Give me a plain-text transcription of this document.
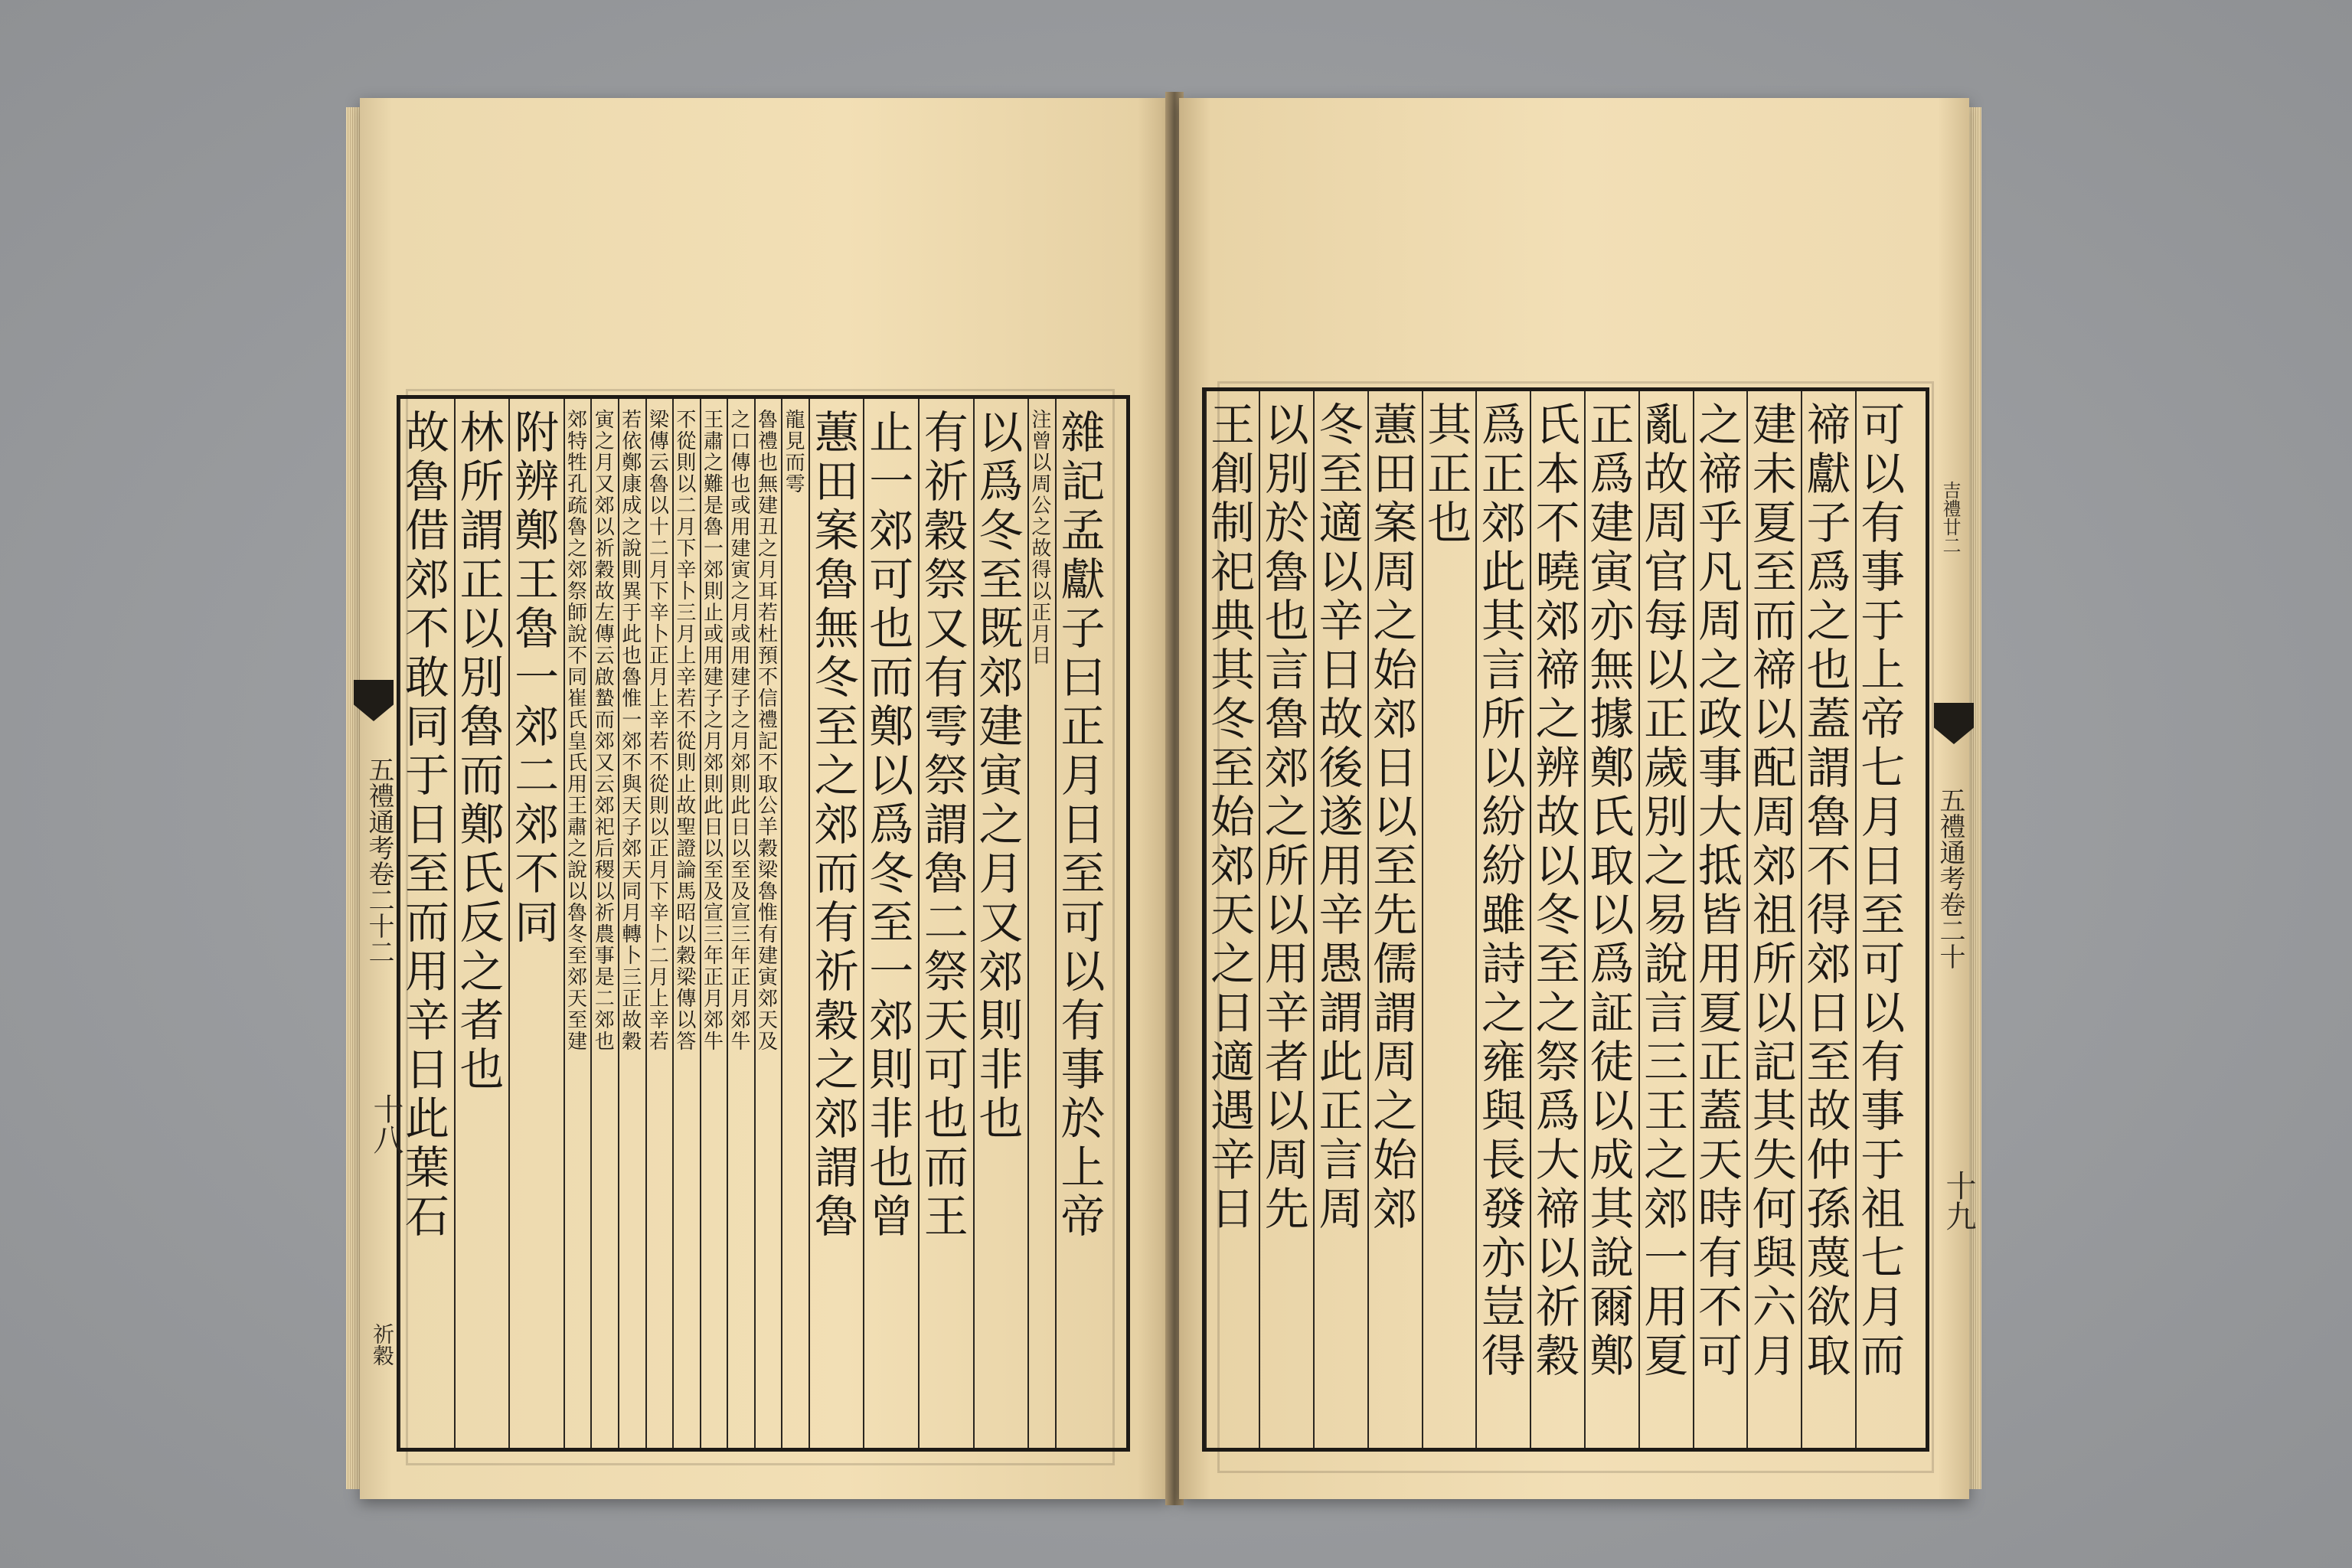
五禮通考卷二十二
祈穀
十八	雜記孟獻子曰正月日至可以有事於上帝
注曾以周公之故得以正月日
以爲冬至既郊建寅之月又郊則非也
有祈穀祭又有雩祭謂魯二祭天可也而王
止一郊可也而鄭以爲冬至一郊則非也曾
蕙田案魯無冬至之郊而有祈穀之郊謂魯
龍見而雩
魯禮也無建丑之月耳若杜預不信禮記不取公羊穀梁魯惟有建寅郊天及
之口傳也或用建寅之月或用建子之月郊則此日以至及宣三年正月郊牛
王肅之難是魯一郊則止或用建子之月郊則此日以至及宣三年正月郊牛
不從則以二月下辛卜三月上辛若不從則止故聖證論馬昭以穀梁傳以答
梁傳云魯以十二月下辛卜正月上辛若不從則以正月下辛卜二月上辛若
若依鄭康成之說則異于此也魯惟一郊不與天子郊天同月轉卜三正故穀
寅之月又郊以祈穀故左傳云啟蟄而郊又云郊祀后稷以祈農事是二郊也
郊特牲孔疏魯之郊祭師說不同崔氏皇氏用王肅之說以魯冬至郊天至建
附辨鄭王魯一郊二郊不同
林所謂正以別魯而鄭氏反之者也
故魯借郊不敢同于日至而用辛日此葉石	五禮通考卷二十
吉禮廿二
十九
可以有事于上帝七月日至可以有事于祖七月而
禘獻子爲之也蓋謂魯不得郊日至故仲孫蔑欲取
建未夏至而禘以配周郊祖所以記其失何與六月
之禘乎凡周之政事大抵皆用夏正蓋天時有不可
亂故周官每以正歲別之易說言三王之郊一用夏
正爲建寅亦無據鄭氏取以爲証徒以成其說爾鄭
氏本不曉郊禘之辨故以冬至之祭爲大禘以祈穀
爲正郊此其言所以紛紛雖詩之雍與長發亦豈得
其正也
蕙田案周之始郊日以至先儒謂周之始郊
冬至適以辛日故後遂用辛愚謂此正言周
以別於魯也言魯郊之所以用辛者以周先
王創制祀典其冬至始郊天之日適遇辛日
